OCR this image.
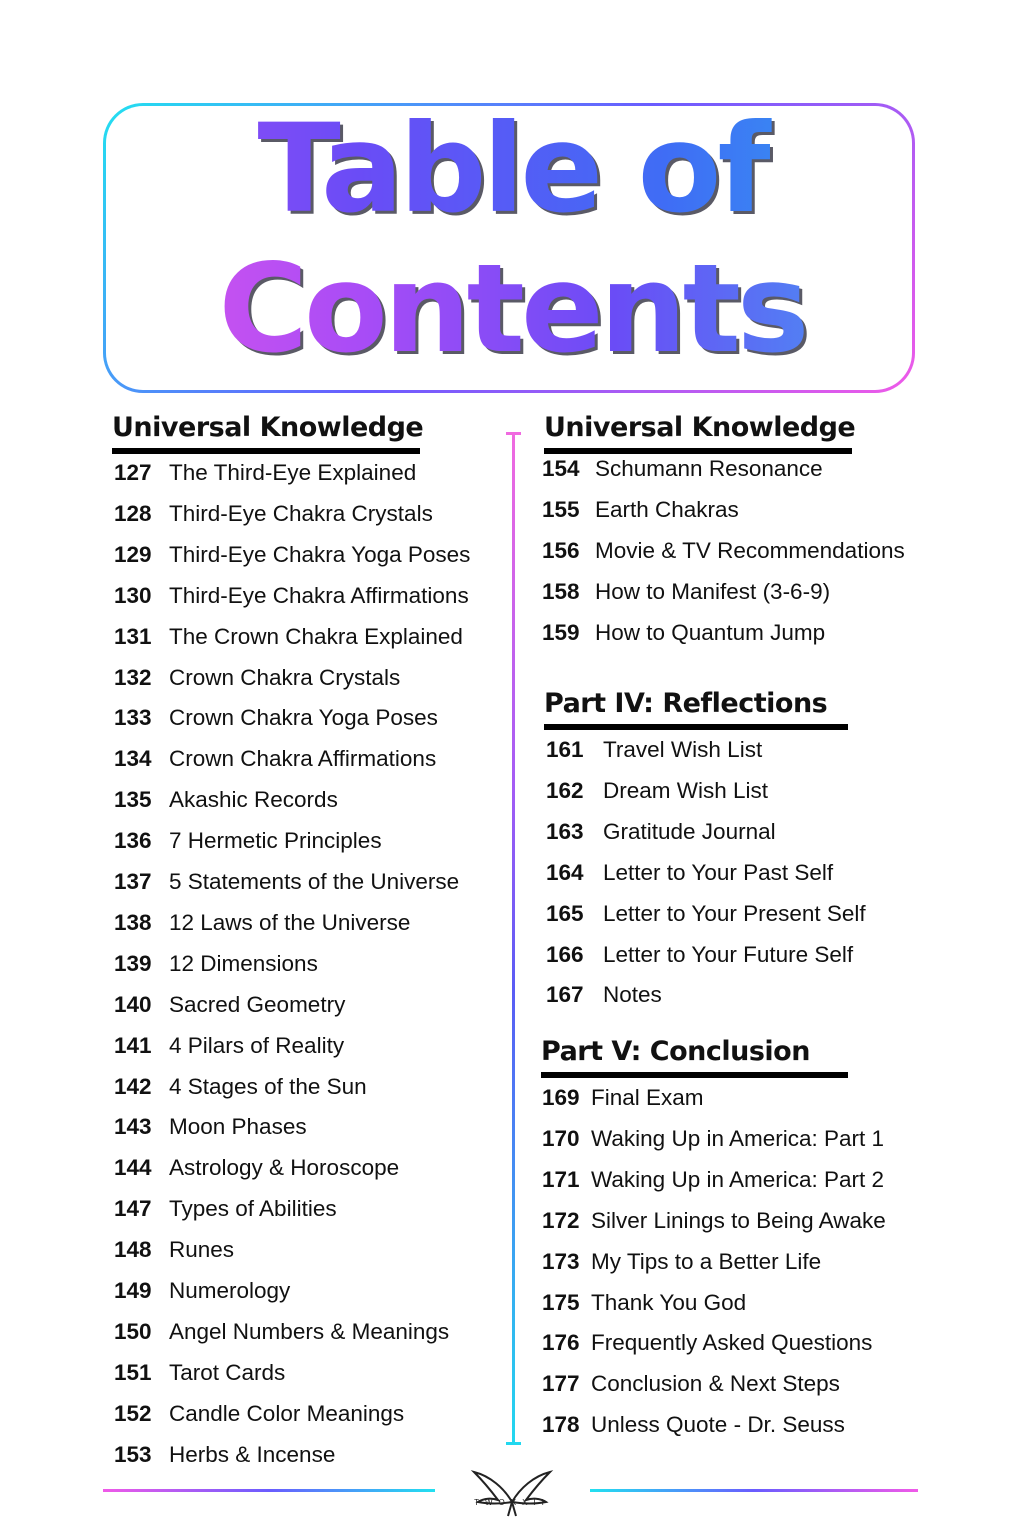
Table of
Contents
Universal Knowledge	Universal Knowledge
Part IV: Reflections
Part V: Conclusion
127 The Third-Eye Explained
128 Third-Eye Chakra Crystals
129 Third-Eye Chakra Yoga Poses
130 Third-Eye Chakra Affirmations
131 The Crown Chakra Explained
132 Crown Chakra Crystals
133 Crown Chakra Yoga Poses
134 Crown Chakra Affirmations
135 Akashic Records
136 7 Hermetic Principles
137 5 Statements of the Universe
138 12 Laws of the Universe
139 12 Dimensions
140 Sacred Geometry
141 4 Pilars of Reality
142 4 Stages of the Sun
143 Moon Phases
144 Astrology & Horoscope
147 Types of Abilities
148 Runes
149 Numerology
150 Angel Numbers & Meanings
151 Tarot Cards
152 Candle Color Meanings
153 Herbs & Incense
154 Schumann Resonance
155 Earth Chakras
156 Movie & TV Recommendations
158 How to Manifest (3-6-9)
159 How to Quantum Jump
161 Travel Wish List
162 Dream Wish List
163 Gratitude Journal
164 Letter to Your Past Self
165 Letter to Your Present Self
166 Letter to Your Future Self
167 Notes
169 Final Exam
170 Waking Up in America: Part 1
171 Waking Up in America: Part 2
172 Silver Linings to Being Awake
173 My Tips to a Better Life
175 Thank You God
176 Frequently Asked Questions
177 Conclusion & Next Steps
178 Unless Quote - Dr. Seuss
TWOXXII
